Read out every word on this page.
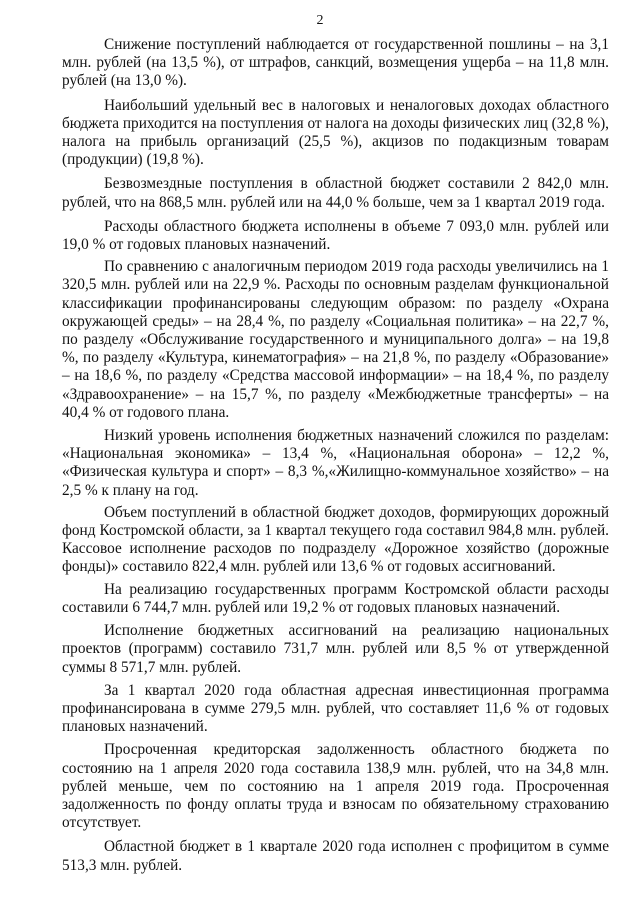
2

Снижение поступлений наблюдается от государственной пошлины – на 3,1 млн. рублей (на 13,5 %), от штрафов, санкций, возмещения ущерба – на 11,8 млн. рублей (на 13,0 %).

Наибольший удельный вес в налоговых и неналоговых доходах областного бюджета приходится на поступления от налога на доходы физических лиц (32,8 %), налога на прибыль организаций (25,5 %), акцизов по подакцизным товарам (продукции) (19,8 %).

Безвозмездные поступления в областной бюджет составили 2 842,0 млн. рублей, что на 868,5 млн. рублей или на 44,0 % больше, чем за 1 квартал 2019 года.

Расходы областного бюджета исполнены в объеме 7 093,0 млн. рублей или 19,0 % от годовых плановых назначений.

По сравнению с аналогичным периодом 2019 года расходы увеличились на 1 320,5 млн. рублей или на 22,9 %. Расходы по основным разделам функциональной классификации профинансированы следующим образом: по разделу «Охрана окружающей среды» – на 28,4 %, по разделу «Социальная политика» – на 22,7 %, по разделу «Обслуживание государственного и муниципального долга» – на 19,8 %, по разделу «Культура, кинематография» – на 21,8 %, по разделу «Образование» – на 18,6 %, по разделу «Средства массовой информации» – на 18,4 %, по разделу «Здравоохранение» – на 15,7 %, по разделу «Межбюджетные трансферты» – на 40,4 % от годового плана.

Низкий уровень исполнения бюджетных назначений сложился по разделам: «Национальная экономика» – 13,4 %, «Национальная оборона» – 12,2 %, «Физическая культура и спорт» – 8,3 %,«Жилищно-коммунальное хозяйство» – на 2,5 % к плану на год.

Объем поступлений в областной бюджет доходов, формирующих дорожный фонд Костромской области, за 1 квартал текущего года составил 984,8 млн. рублей. Кассовое исполнение расходов по подразделу «Дорожное хозяйство (дорожные фонды)» составило 822,4 млн. рублей или 13,6 % от годовых ассигнований.

На реализацию государственных программ Костромской области расходы составили 6 744,7 млн. рублей или 19,2 % от годовых плановых назначений.

Исполнение бюджетных ассигнований на реализацию национальных проектов (программ) составило 731,7 млн. рублей или 8,5 % от утвержденной суммы 8 571,7 млн. рублей.

За 1 квартал 2020 года областная адресная инвестиционная программа профинансирована в сумме 279,5 млн. рублей, что составляет 11,6 % от годовых плановых назначений.

Просроченная кредиторская задолженность областного бюджета по состоянию на 1 апреля 2020 года составила 138,9 млн. рублей, что на 34,8 млн. рублей меньше, чем по состоянию на 1 апреля 2019 года. Просроченная задолженность по фонду оплаты труда и взносам по обязательному страхованию отсутствует.

Областной бюджет в 1 квартале 2020 года исполнен с профицитом в сумме 513,3 млн. рублей.
